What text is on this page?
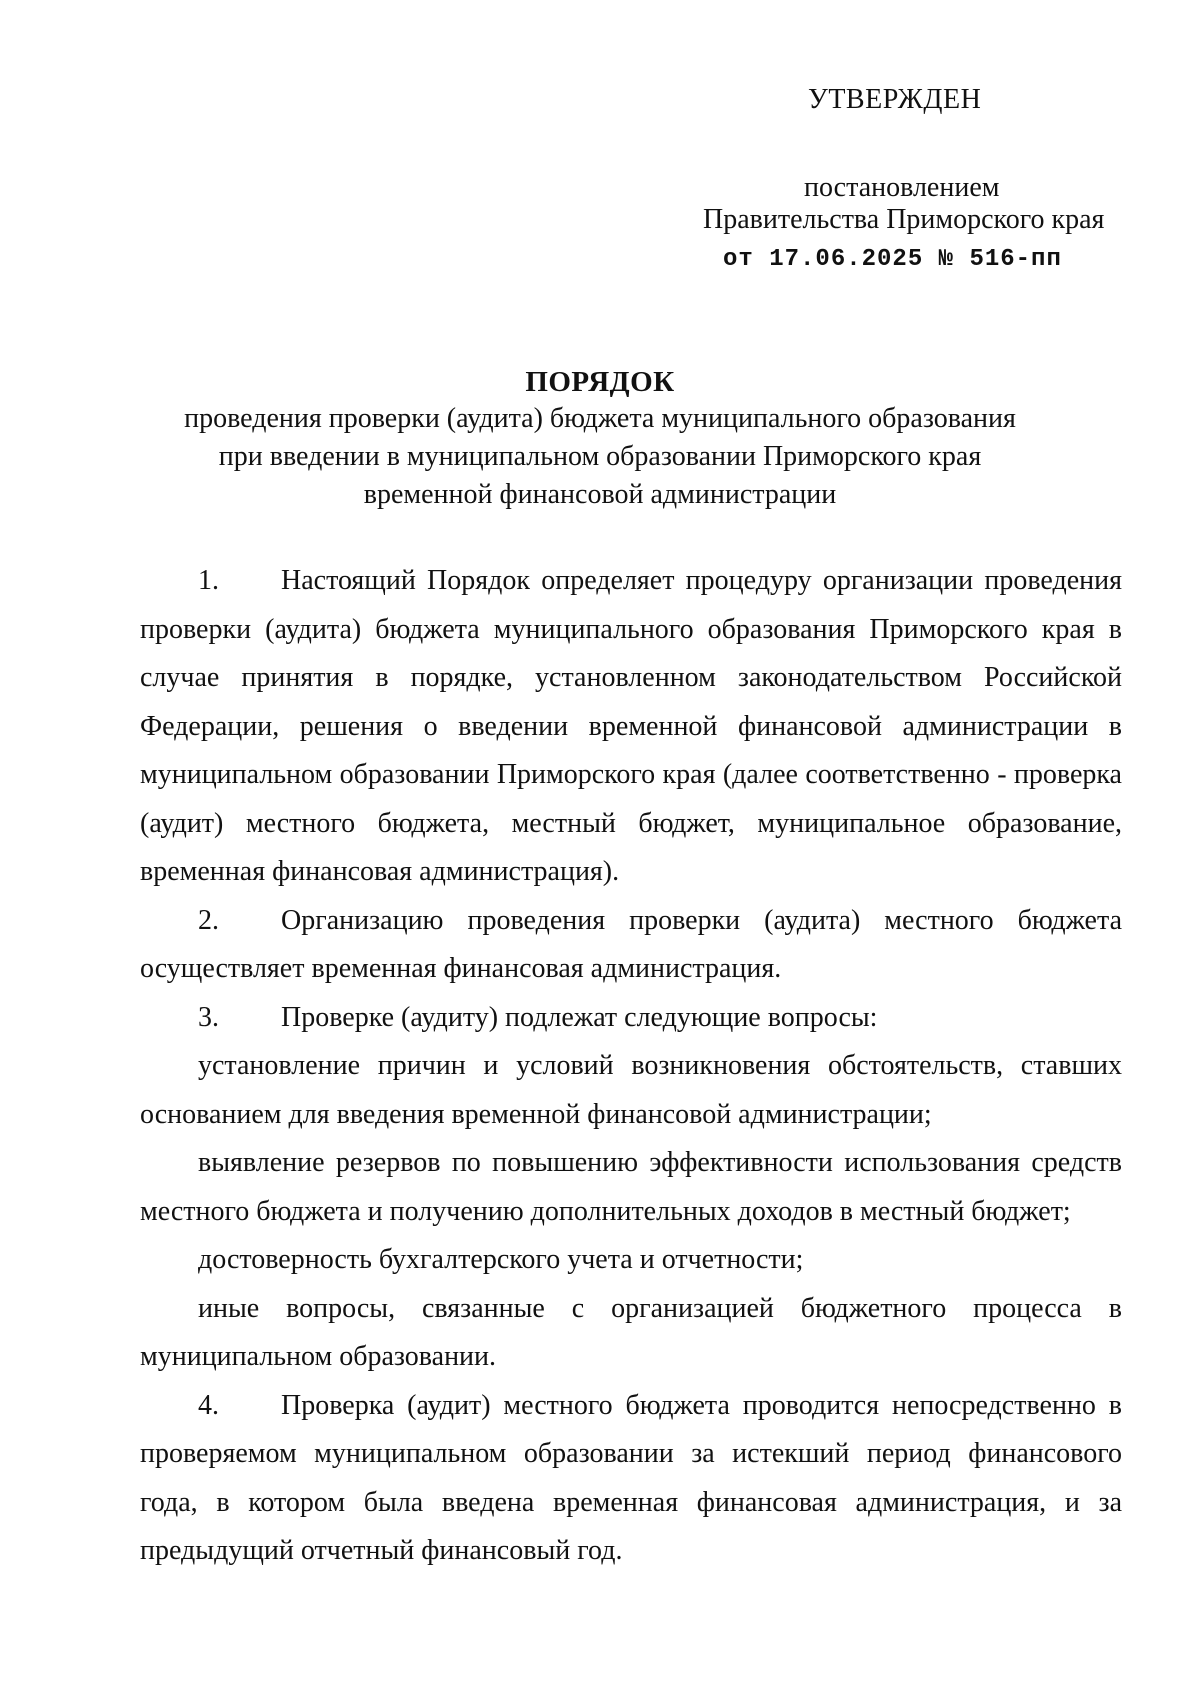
УТВЕРЖДЕН
постановлением
Правительства Приморского края
от 17.06.2025 № 516-пп
ПОРЯДОК
проведения проверки (аудита) бюджета муниципального образования при введении в муниципальном образовании Приморского края временной финансовой администрации

1. Настоящий Порядок определяет процедуру организации проведения проверки (аудита) бюджета муниципального образования Приморского края в случае принятия в порядке, установленном законодательством Российской Федерации, решения о введении временной финансовой администрации в муниципальном образовании Приморского края (далее соответственно - проверка (аудит) местного бюджета, местный бюджет, муниципальное образование, временная финансовая администрация).

2. Организацию проведения проверки (аудита) местного бюджета осуществляет временная финансовая администрация.

3. Проверке (аудиту) подлежат следующие вопросы:

установление причин и условий возникновения обстоятельств, ставших основанием для введения временной финансовой администрации;

выявление резервов по повышению эффективности использования средств местного бюджета и получению дополнительных доходов в местный бюджет;

достоверность бухгалтерского учета и отчетности;

иные вопросы, связанные с организацией бюджетного процесса в муниципальном образовании.

4. Проверка (аудит) местного бюджета проводится непосредственно в проверяемом муниципальном образовании за истекший период финансового года, в котором была введена временная финансовая администрация, и за предыдущий отчетный финансовый год.
